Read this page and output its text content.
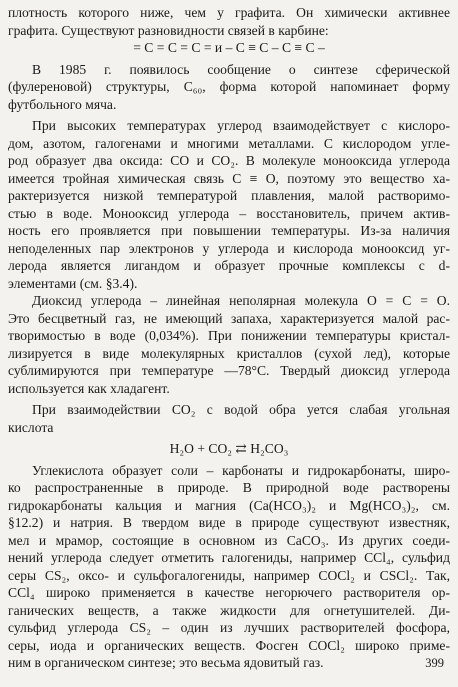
плотность которого ниже, чем у графита. Он химически активнее
графита. Существуют разновидности связей в карбине:
= C = C = C = и – C ≡ C – C ≡ C –
В 1985 г. появилось сообщение о синтезе сферической
(фулереновой) структуры, C₆₀, форма которой напоминает форму
футбольного мяча.
При высоких температурах углерод взаимодействует с кислоро-
дом, азотом, галогенами и многими металлами. С кислородом угле-
род образует два оксида: CO и CO₂. В молекуле монооксида углерода
имеется тройная химическая связь C ≡ O, поэтому это вещество ха-
рактеризуется низкой температурой плавления, малой растворимо-
стью в воде. Монооксид углерода – восстановитель, причем актив-
ность его проявляется при повышении температуры. Из-за наличия
неподеленных пар электронов у углерода и кислорода монооксид уг-
лерода является лигандом и образует прочные комплексы с d-
элементами (см. §3.4).
Диоксид углерода – линейная неполярная молекула O = C = O.
Это бесцветный газ, не имеющий запаха, характеризуется малой рас-
творимостью в воде (0,034%). При понижении температуры кристал-
лизируется в виде молекулярных кристаллов (сухой лед), которые
сублимируются при температуре —78°C. Твердый диоксид углерода
используется как хладагент.
При взаимодействии CO₂ с водой обра уется слабая угольная
кислота
H₂O + CO₂ ⇄ H₂CO₃
Углекислота образует соли – карбонаты и гидрокарбонаты, широ-
ко распространенные в природе. В природной воде растворены
гидрокарбонаты кальция и магния (Ca(HCO₃)₂ и Mg(HCO₃)₂, см.
§12.2) и натрия. В твердом виде в природе существуют известняк,
мел и мрамор, состоящие в основном из CaCO₃. Из других соеди-
нений углерода следует отметить галогениды, например CCl₄, сульфид
серы CS₂, оксо- и сульфогалогениды, например COCl₂ и CSCl₂. Так,
CCl₄ широко применяется в качестве негорючего растворителя ор-
ганических веществ, а также жидкости для огнетушителей. Ди-
сульфид углерода CS₂ – один из лучших растворителей фосфора,
серы, иода и органических веществ. Фосген COCl₂ широко приме-
ним в органическом синтезе; это весьма ядовитый газ.	399
